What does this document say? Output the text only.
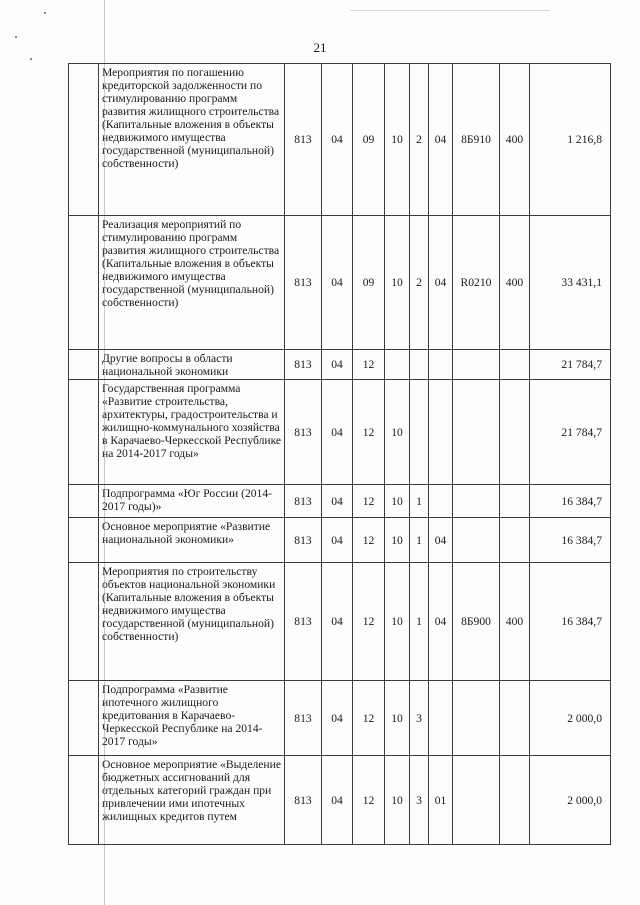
21
	Мероприятия по погашению кредиторской задолженности по стимулированию программ развития жилищного строительства (Капитальные вложения в объекты недвижимого имущества государственной (муниципальной) собственности)	813	04	09	10	2	04	8Б910	400	1 216,8
	Реализация мероприятий по стимулированию программ развития жилищного строительства (Капитальные вложения в объекты недвижимого имущества государственной (муниципальной) собственности)	813	04	09	10	2	04	R0210	400	33 431,1
	Другие вопросы в области национальной экономики	813	04	12						21 784,7
	Государственная программа «Развитие строительства, архитектуры, градостроительства и жилищно-коммунального хозяйства в Карачаево-Черкесской Республике на 2014-2017 годы»	813	04	12	10					21 784,7
	Подпрограмма «Юг России (2014-2017 годы)»	813	04	12	10	1				16 384,7
	Основное мероприятие «Развитие национальной экономики»	813	04	12	10	1	04			16 384,7
	Мероприятия по строительству объектов национальной экономики (Капитальные вложения в объекты недвижимого имущества государственной (муниципальной) собственности)	813	04	12	10	1	04	8Б900	400	16 384,7
	Подпрограмма «Развитие ипотечного жилищного кредитования в Карачаево-Черкесской Республике на 2014-2017 годы»	813	04	12	10	3				2 000,0
	Основное мероприятие «Выделение бюджетных ассигнований для отдельных категорий граждан при привлечении ими ипотечных жилищных кредитов путем	813	04	12	10	3	01			2 000,0
